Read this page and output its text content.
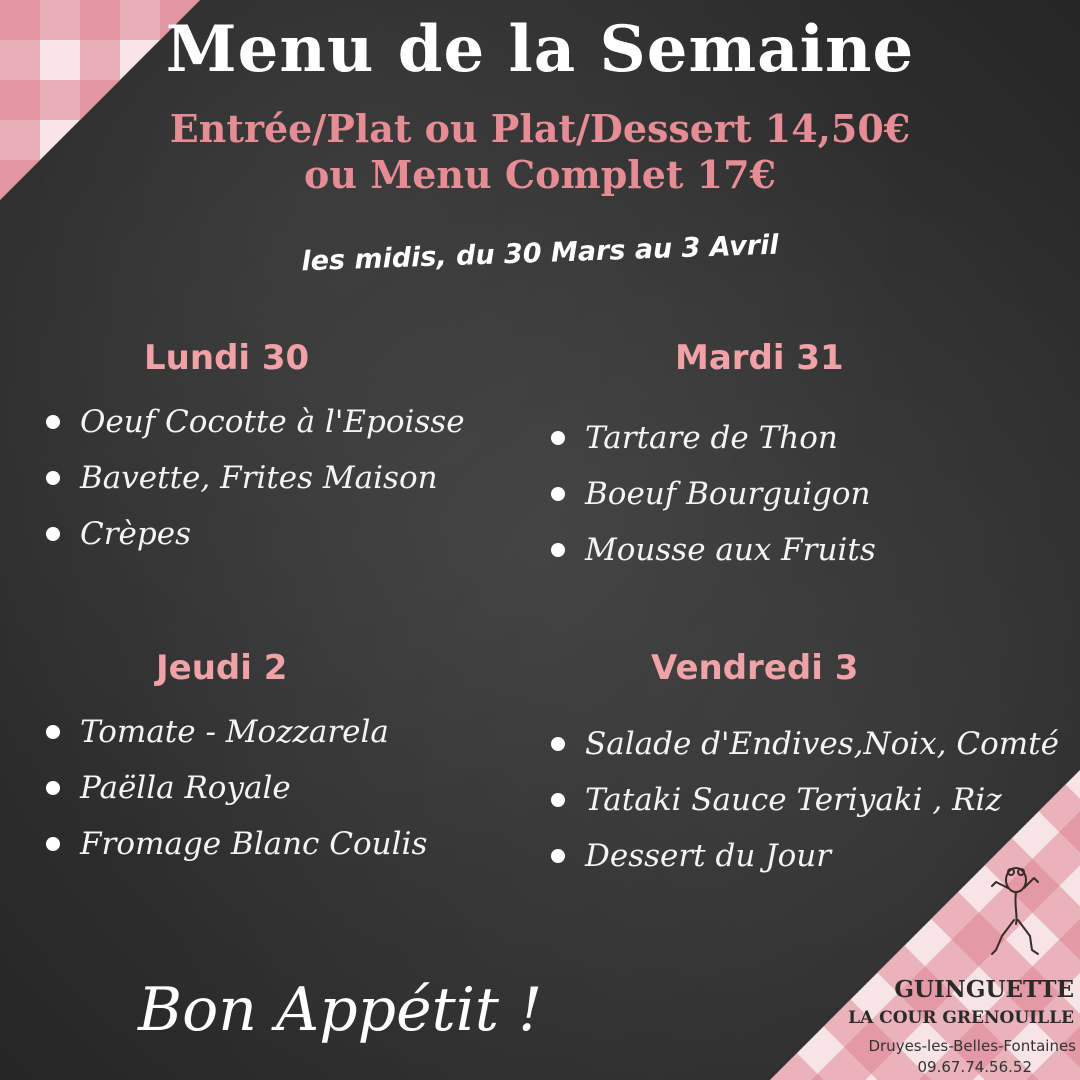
Menu de la Semaine
Entrée/Plat ou Plat/Dessert 14,50€
ou Menu Complet 17€
les midis, du 30 Mars au 3 Avril
Lundi 30
Oeuf Cocotte à l'Epoisse
Bavette, Frites Maison
Crèpes
Mardi 31
Tartare de Thon
Boeuf Bourguigon
Mousse aux Fruits
Jeudi 2
Tomate - Mozzarela
Paëlla Royale
Fromage Blanc Coulis
Vendredi 3
Salade d'Endives,Noix, Comté
Tataki Sauce Teriyaki , Riz
Dessert du Jour
Bon Appétit !	GUINGUETTE
LA COUR GRENOUILLE
Druyes-les-Belles-Fontaines
09.67.74.56.52
